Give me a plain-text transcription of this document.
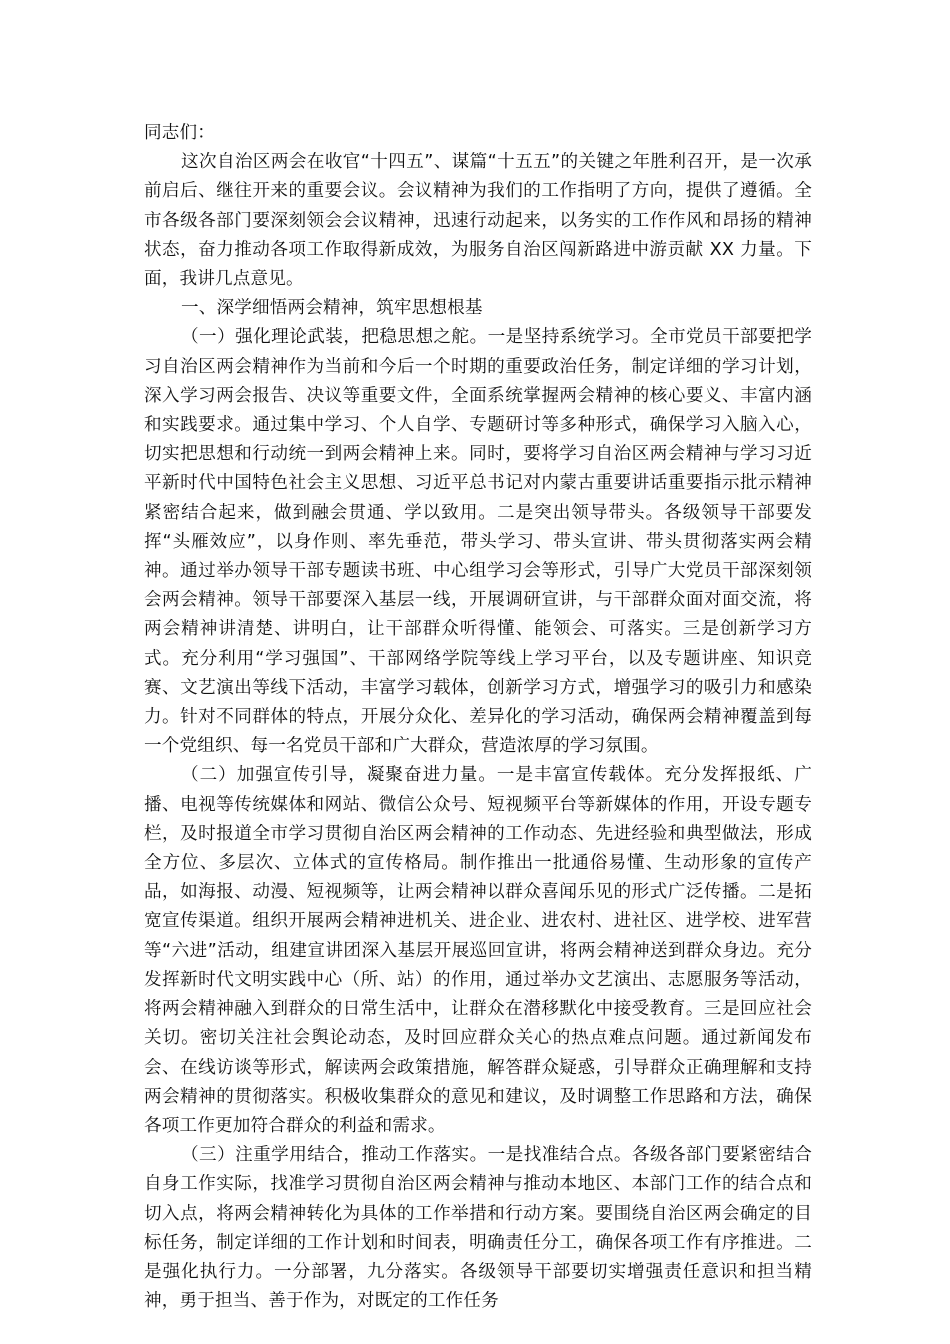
同志们：

这次自治区两会在收官“十四五”、谋篇“十五五”的关键之年胜利召开，是一次承前启后、继往开来的重要会议。会议精神为我们的工作指明了方向，提供了遵循。全市各级各部门要深刻领会会议精神，迅速行动起来，以务实的工作作风和昂扬的精神状态，奋力推动各项工作取得新成效，为服务自治区闯新路进中游贡献 XX 力量。下面，我讲几点意见。

一、深学细悟两会精神，筑牢思想根基

（一）强化理论武装，把稳思想之舵。一是坚持系统学习。全市党员干部要把学习自治区两会精神作为当前和今后一个时期的重要政治任务，制定详细的学习计划，深入学习两会报告、决议等重要文件，全面系统掌握两会精神的核心要义、丰富内涵和实践要求。通过集中学习、个人自学、专题研讨等多种形式，确保学习入脑入心，切实把思想和行动统一到两会精神上来。同时，要将学习自治区两会精神与学习习近平新时代中国特色社会主义思想、习近平总书记对内蒙古重要讲话重要指示批示精神紧密结合起来，做到融会贯通、学以致用。二是突出领导带头。各级领导干部要发挥“头雁效应”，以身作则、率先垂范，带头学习、带头宣讲、带头贯彻落实两会精神。通过举办领导干部专题读书班、中心组学习会等形式，引导广大党员干部深刻领会两会精神。领导干部要深入基层一线，开展调研宣讲，与干部群众面对面交流，将两会精神讲清楚、讲明白，让干部群众听得懂、能领会、可落实。三是创新学习方式。充分利用“学习强国”、干部网络学院等线上学习平台，以及专题讲座、知识竞赛、文艺演出等线下活动，丰富学习载体，创新学习方式，增强学习的吸引力和感染力。针对不同群体的特点，开展分众化、差异化的学习活动，确保两会精神覆盖到每一个党组织、每一名党员干部和广大群众，营造浓厚的学习氛围。

（二）加强宣传引导，凝聚奋进力量。一是丰富宣传载体。充分发挥报纸、广播、电视等传统媒体和网站、微信公众号、短视频平台等新媒体的作用，开设专题专栏，及时报道全市学习贯彻自治区两会精神的工作动态、先进经验和典型做法，形成全方位、多层次、立体式的宣传格局。制作推出一批通俗易懂、生动形象的宣传产品，如海报、动漫、短视频等，让两会精神以群众喜闻乐见的形式广泛传播。二是拓宽宣传渠道。组织开展两会精神进机关、进企业、进农村、进社区、进学校、进军营等“六进”活动，组建宣讲团深入基层开展巡回宣讲，将两会精神送到群众身边。充分发挥新时代文明实践中心（所、站）的作用，通过举办文艺演出、志愿服务等活动，将两会精神融入到群众的日常生活中，让群众在潜移默化中接受教育。三是回应社会关切。密切关注社会舆论动态，及时回应群众关心的热点难点问题。通过新闻发布会、在线访谈等形式，解读两会政策措施，解答群众疑惑，引导群众正确理解和支持两会精神的贯彻落实。积极收集群众的意见和建议，及时调整工作思路和方法，确保各项工作更加符合群众的利益和需求。

（三）注重学用结合，推动工作落实。一是找准结合点。各级各部门要紧密结合自身工作实际，找准学习贯彻自治区两会精神与推动本地区、本部门工作的结合点和切入点，将两会精神转化为具体的工作举措和行动方案。要围绕自治区两会确定的目标任务，制定详细的工作计划和时间表，明确责任分工，确保各项工作有序推进。二是强化执行力。一分部署，九分落实。各级领导干部要切实增强责任意识和担当精神，勇于担当、善于作为，对既定的工作任务
